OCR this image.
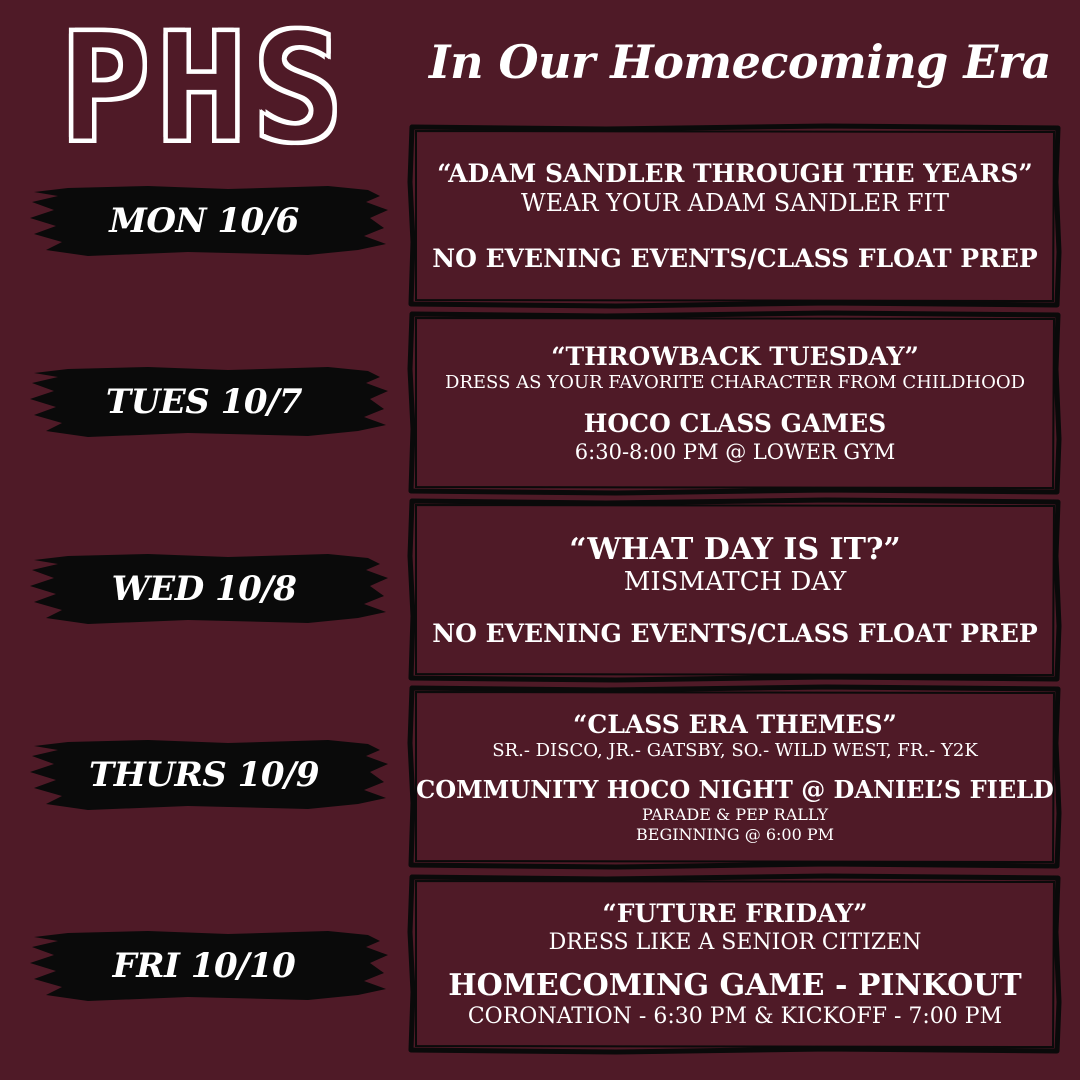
PHS	In Our Homecoming Era
MON 10/6
“ADAM SANDLER THROUGH THE YEARS”
WEAR YOUR ADAM SANDLER FIT
NO EVENING EVENTS/CLASS FLOAT PREP
TUES 10/7
“THROWBACK TUESDAY”
DRESS AS YOUR FAVORITE CHARACTER FROM CHILDHOOD
HOCO CLASS GAMES
6:30-8:00 PM @ LOWER GYM
WED 10/8
“WHAT DAY IS IT?”
MISMATCH DAY
NO EVENING EVENTS/CLASS FLOAT PREP
THURS 10/9
“CLASS ERA THEMES”
SR.- DISCO, JR.- GATSBY, SO.- WILD WEST, FR.- Y2K
COMMUNITY HOCO NIGHT @ DANIEL’S FIELD
PARADE & PEP RALLY
BEGINNING @ 6:00 PM
FRI 10/10
“FUTURE FRIDAY”
DRESS LIKE A SENIOR CITIZEN
HOMECOMING GAME - PINKOUT
CORONATION - 6:30 PM & KICKOFF - 7:00 PM
